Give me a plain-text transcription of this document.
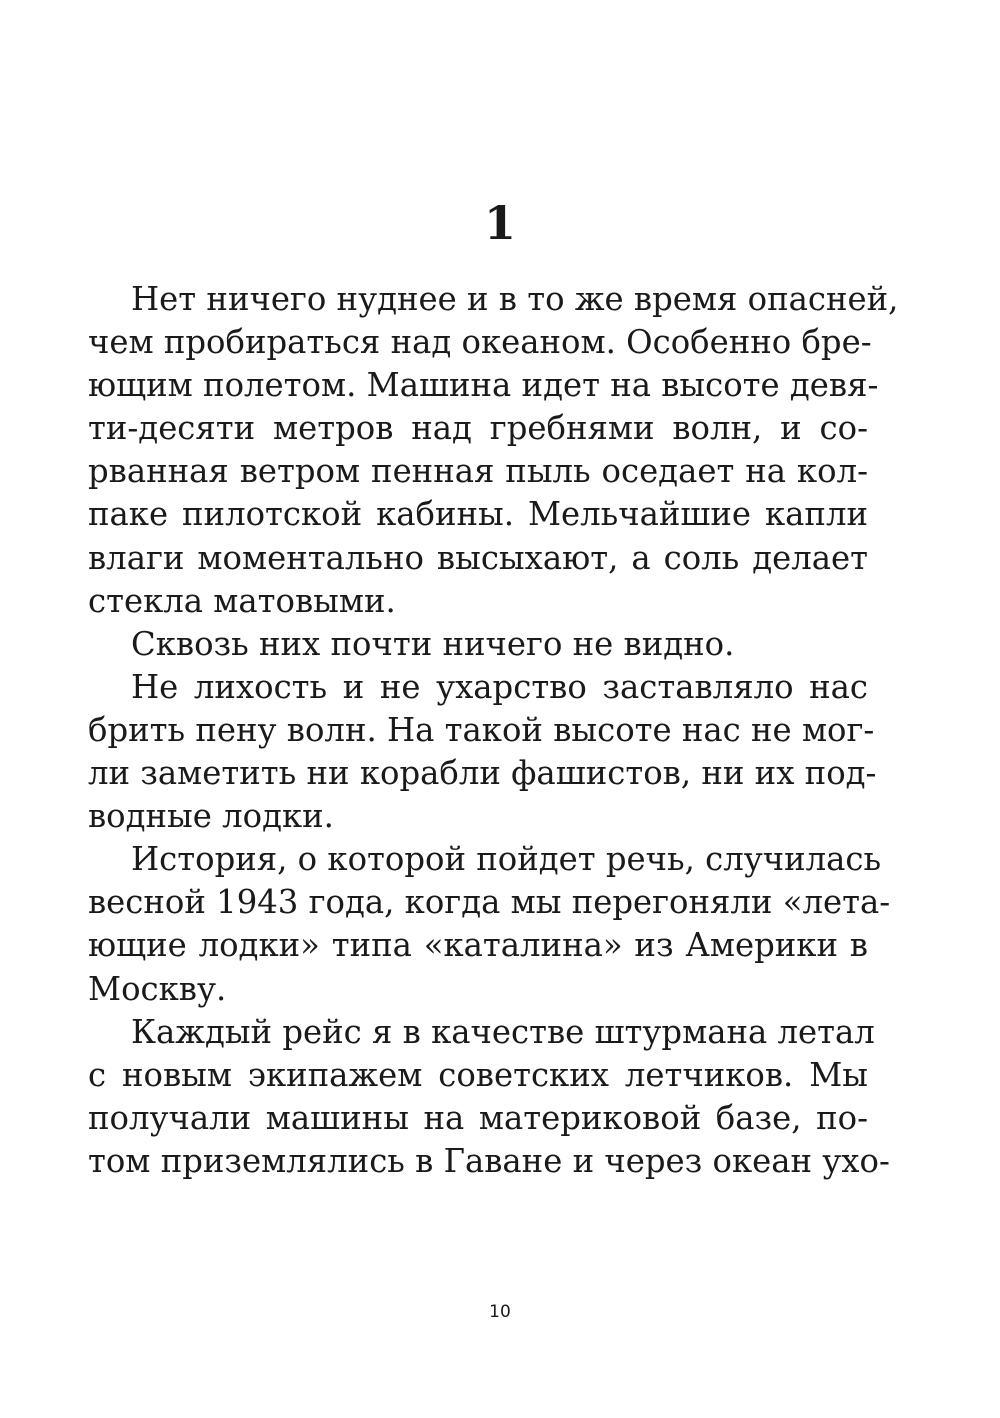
1
Нет ничего нуднее и в то же время опасней,
чем пробираться над океаном. Особенно бре-
ющим полетом. Машина идет на высоте девя-
ти-десяти метров над гребнями волн, и со-
рванная ветром пенная пыль оседает на кол-
паке пилотской кабины. Мельчайшие капли
влаги моментально высыхают, а соль делает
стекла матовыми.
Сквозь них почти ничего не видно.
Не лихость и не ухарство заставляло нас
брить пену волн. На такой высоте нас не мог-
ли заметить ни корабли фашистов, ни их под-
водные лодки.
История, о которой пойдет речь, случилась
весной 1943 года, когда мы перегоняли «лета-
ющие лодки» типа «каталина» из Америки в
Москву.
Каждый рейс я в качестве штурмана летал
с новым экипажем советских летчиков. Мы
получали машины на материковой базе, по-
том приземлялись в Гаване и через океан ухо-
10
